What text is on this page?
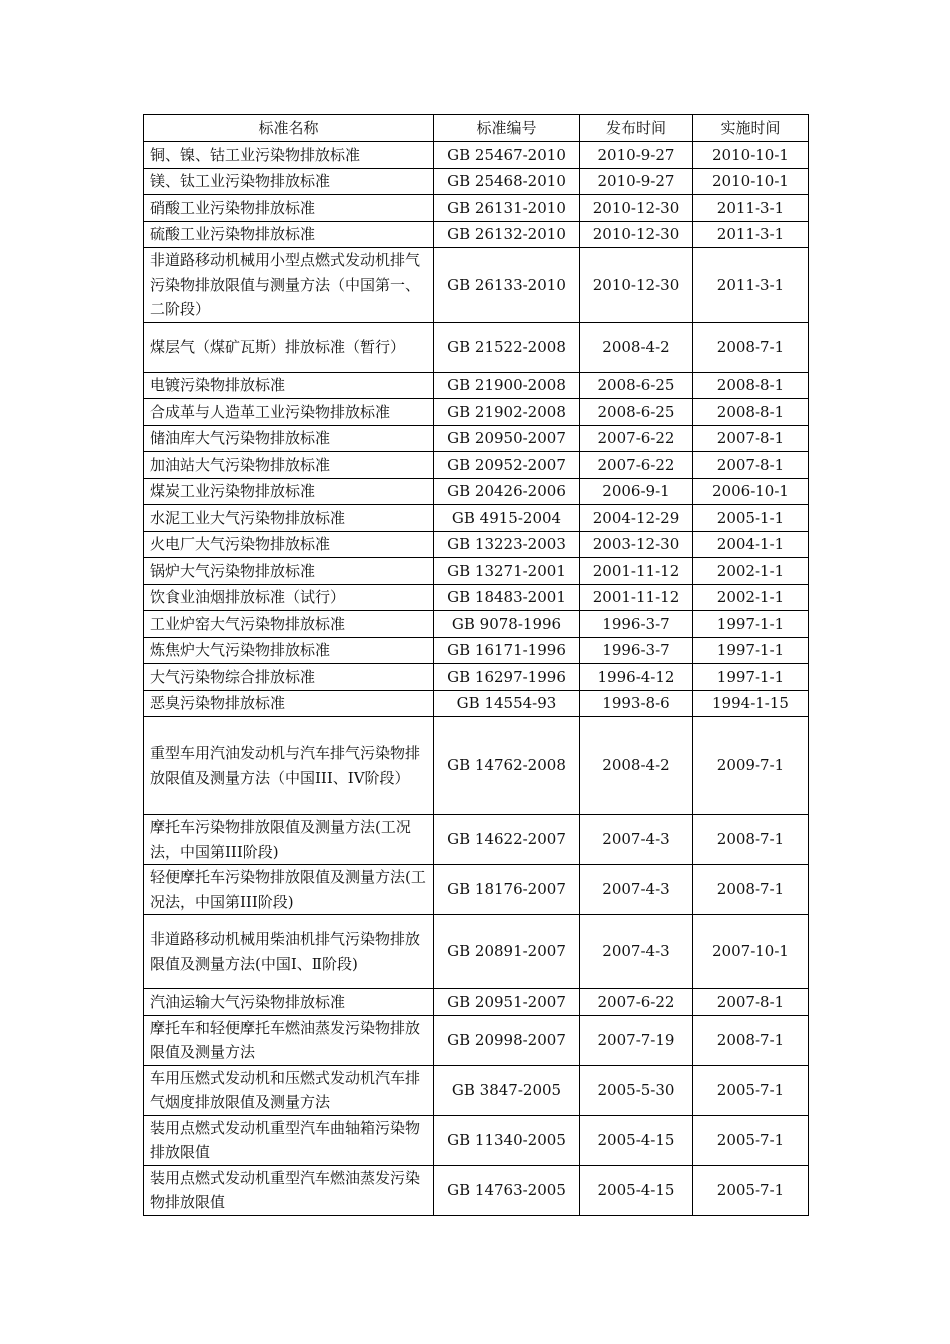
标准名称	标准编号	发布时间	实施时间
铜、镍、钴工业污染物排放标准	GB 25467-2010	2010-9-27	2010-10-1
镁、钛工业污染物排放标准	GB 25468-2010	2010-9-27	2010-10-1
硝酸工业污染物排放标准	GB 26131-2010	2010-12-30	2011-3-1
硫酸工业污染物排放标准	GB 26132-2010	2010-12-30	2011-3-1
非道路移动机械用小型点燃式发动机排气污染物排放限值与测量方法（中国第一、二阶段）	GB 26133-2010	2010-12-30	2011-3-1
煤层气（煤矿瓦斯）排放标准（暂行）	GB 21522-2008	2008-4-2	2008-7-1
电镀污染物排放标准	GB 21900-2008	2008-6-25	2008-8-1
合成革与人造革工业污染物排放标准	GB 21902-2008	2008-6-25	2008-8-1
储油库大气污染物排放标准	GB 20950-2007	2007-6-22	2007-8-1
加油站大气污染物排放标准	GB 20952-2007	2007-6-22	2007-8-1
煤炭工业污染物排放标准	GB 20426-2006	2006-9-1	2006-10-1
水泥工业大气污染物排放标准	GB 4915-2004	2004-12-29	2005-1-1
火电厂大气污染物排放标准	GB 13223-2003	2003-12-30	2004-1-1
锅炉大气污染物排放标准	GB 13271-2001	2001-11-12	2002-1-1
饮食业油烟排放标准（试行）	GB 18483-2001	2001-11-12	2002-1-1
工业炉窑大气污染物排放标准	GB 9078-1996	1996-3-7	1997-1-1
炼焦炉大气污染物排放标准	GB 16171-1996	1996-3-7	1997-1-1
大气污染物综合排放标准	GB 16297-1996	1996-4-12	1997-1-1
恶臭污染物排放标准	GB 14554-93	1993-8-6	1994-1-15
重型车用汽油发动机与汽车排气污染物排放限值及测量方法（中国III、IV阶段）	GB 14762-2008	2008-4-2	2009-7-1
摩托车污染物排放限值及测量方法(工况法，中国第III阶段)	GB 14622-2007	2007-4-3	2008-7-1
轻便摩托车污染物排放限值及测量方法(工况法，中国第III阶段)	GB 18176-2007	2007-4-3	2008-7-1
非道路移动机械用柴油机排气污染物排放限值及测量方法(中国Ⅰ、Ⅱ阶段)	GB 20891-2007	2007-4-3	2007-10-1
汽油运输大气污染物排放标准	GB 20951-2007	2007-6-22	2007-8-1
摩托车和轻便摩托车燃油蒸发污染物排放限值及测量方法	GB 20998-2007	2007-7-19	2008-7-1
车用压燃式发动机和压燃式发动机汽车排气烟度排放限值及测量方法	GB 3847-2005	2005-5-30	2005-7-1
装用点燃式发动机重型汽车曲轴箱污染物排放限值	GB 11340-2005	2005-4-15	2005-7-1
装用点燃式发动机重型汽车燃油蒸发污染物排放限值	GB 14763-2005	2005-4-15	2005-7-1
